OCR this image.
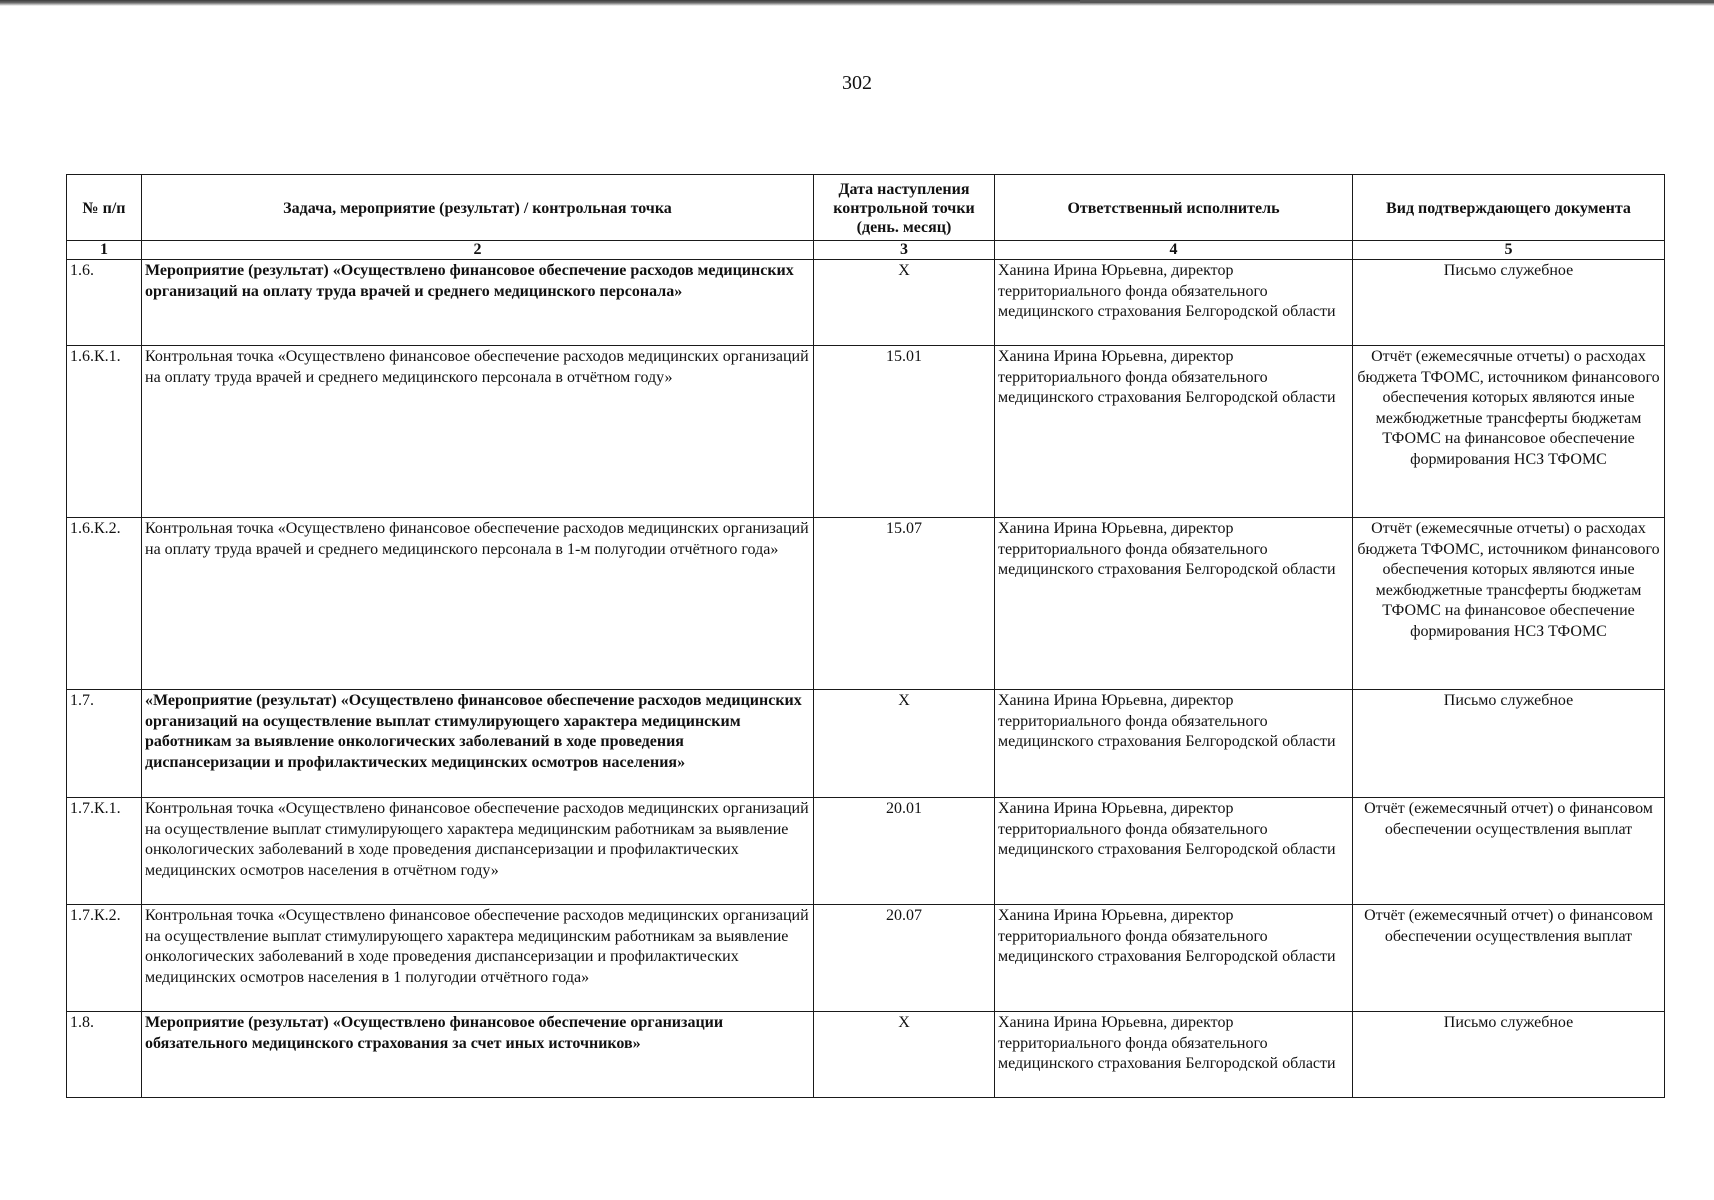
302
№ п/п	Задача, мероприятие (результат) / контрольная точка	Дата наступления контрольной точки (день. месяц)	Ответственный исполнитель	Вид подтверждающего документа
1	2	3	4	5
1.6.	Мероприятие (результат) «Осуществлено финансовое обеспечение расходов медицинских организаций на оплату труда врачей и среднего медицинского персонала»	Х	Ханина Ирина Юрьевна, директор территориального фонда обязательного медицинского страхования Белгородской области	Письмо служебное
1.6.К.1.	Контрольная точка «Осуществлено финансовое обеспечение расходов медицинских организаций на оплату труда врачей и среднего медицинского персонала в отчётном году»	15.01	Ханина Ирина Юрьевна, директор территориального фонда обязательного медицинского страхования Белгородской области	Отчёт (ежемесячные отчеты) о расходах бюджета ТФОМС, источником финансового обеспечения которых являются иные межбюджетные трансферты бюджетам ТФОМС на финансовое обеспечение формирования НСЗ ТФОМС
1.6.К.2.	Контрольная точка «Осуществлено финансовое обеспечение расходов медицинских организаций на оплату труда врачей и среднего медицинского персонала в 1-м полугодии отчётного года»	15.07	Ханина Ирина Юрьевна, директор территориального фонда обязательного медицинского страхования Белгородской области	Отчёт (ежемесячные отчеты) о расходах бюджета ТФОМС, источником финансового обеспечения которых являются иные межбюджетные трансферты бюджетам ТФОМС на финансовое обеспечение формирования НСЗ ТФОМС
1.7.	«Мероприятие (результат) «Осуществлено финансовое обеспечение расходов медицинских организаций на осуществление выплат стимулирующего характера медицинским работникам за выявление онкологических заболеваний в ходе проведения диспансеризации и профилактических медицинских осмотров населения»	Х	Ханина Ирина Юрьевна, директор территориального фонда обязательного медицинского страхования Белгородской области	Письмо служебное
1.7.К.1.	Контрольная точка «Осуществлено финансовое обеспечение расходов медицинских организаций на осуществление выплат стимулирующего характера медицинским работникам за выявление онкологических заболеваний в ходе проведения диспансеризации и профилактических медицинских осмотров населения в отчётном году»	20.01	Ханина Ирина Юрьевна, директор территориального фонда обязательного медицинского страхования Белгородской области	Отчёт (ежемесячный отчет) о финансовом обеспечении осуществления выплат
1.7.К.2.	Контрольная точка «Осуществлено финансовое обеспечение расходов медицинских организаций на осуществление выплат стимулирующего характера медицинским работникам за выявление онкологических заболеваний в ходе проведения диспансеризации и профилактических медицинских осмотров населения в 1 полугодии отчётного года»	20.07	Ханина Ирина Юрьевна, директор территориального фонда обязательного медицинского страхования Белгородской области	Отчёт (ежемесячный отчет) о финансовом обеспечении осуществления выплат
1.8.	Мероприятие (результат) «Осуществлено финансовое обеспечение организации обязательного медицинского страхования за счет иных источников»	Х	Ханина Ирина Юрьевна, директор территориального фонда обязательного медицинского страхования Белгородской области	Письмо служебное
